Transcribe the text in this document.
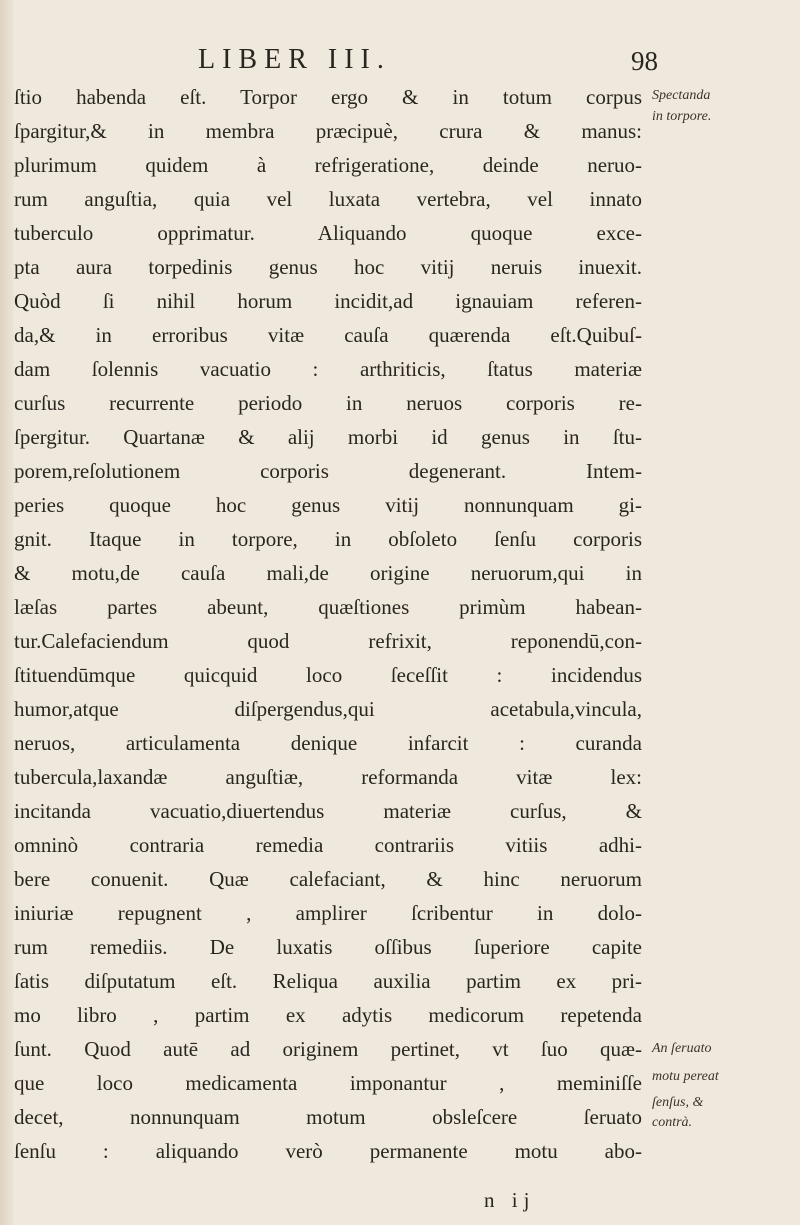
LIBER III.	98
ſtio habenda eſt. Torpor ergo & in totum corpus
ſpargitur,& in membra præcipuè, crura & manus:
plurimum quidem à refrigeratione, deinde neruo-
rum anguſtia, quia vel luxata vertebra, vel innato
tuberculo opprimatur. Aliquando quoque exce-
pta aura torpedinis genus hoc vitij neruis inuexit.
Quòd ſi nihil horum incidit,ad ignauiam referen-
da,& in erroribus vitæ cauſa quærenda eſt.Quibuſ-
dam ſolennis vacuatio : arthriticis, ſtatus materiæ
curſus recurrente periodo in neruos corporis re-
ſpergitur. Quartanæ & alij morbi id genus in ſtu-
porem,reſolutionem corporis degenerant. Intem-
peries quoque hoc genus vitij nonnunquam gi-
gnit. Itaque in torpore, in obſoleto ſenſu corporis
& motu,de cauſa mali,de origine neruorum,qui in
læſas partes abeunt, quæſtiones primùm habean-
tur.Calefaciendum quod refrixit, reponendū,con-
ſtituendūmque quicquid loco ſeceſſit : incidendus
humor,atque diſpergendus,qui acetabula,vincula,
neruos, articulamenta denique infarcit : curanda
tubercula,laxandæ anguſtiæ, reformanda vitæ lex:
incitanda vacuatio,diuertendus materiæ curſus, &
omninò contraria remedia contrariis vitiis adhi-
bere conuenit. Quæ calefaciant, & hinc neruorum
iniuriæ repugnent , amplirer ſcribentur in dolo-
rum remediis. De luxatis oſſibus ſuperiore capite
ſatis diſputatum eſt. Reliqua auxilia partim ex pri-
mo libro , partim ex adytis medicorum repetenda
ſunt. Quod autē ad originem pertinet, vt ſuo quæ-
que loco medicamenta imponantur , meminiſſe
decet, nonnunquam motum obsleſcere ſeruato
ſenſu : aliquando verò permanente motu abo-
Spectanda
in torpore.
An ſeruato
motu pereat
ſenſus, &
contrà.
n ij
